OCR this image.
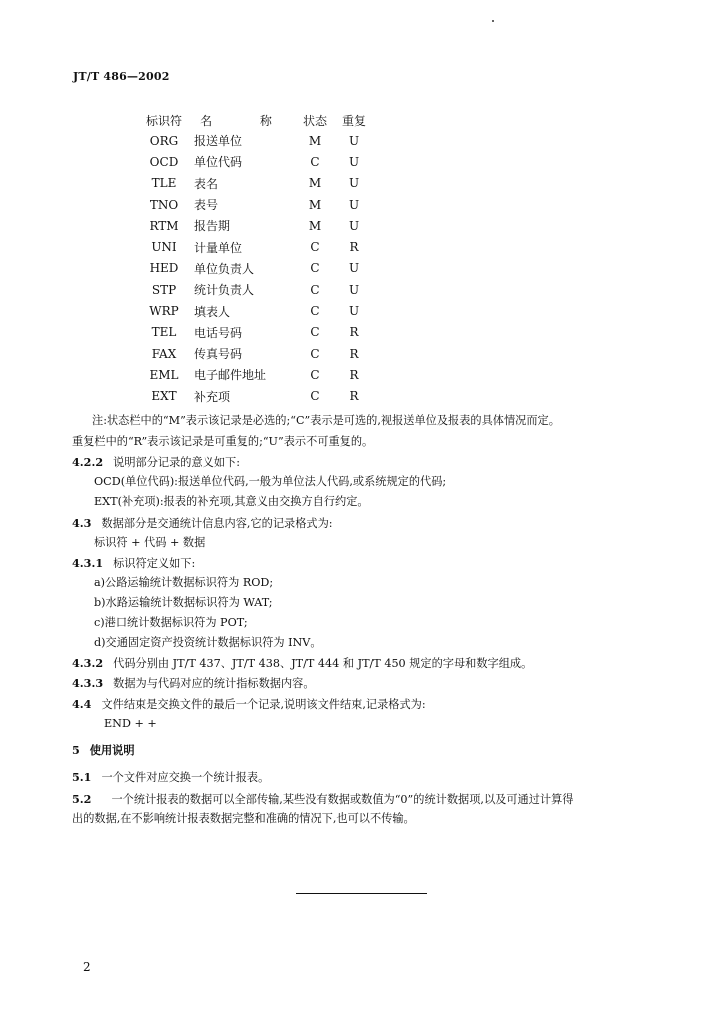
JT/T 486—2002
标识符	名 称	状态	重复
ORG	报送单位	M	U
OCD	单位代码	C	U
TLE	表名	M	U
TNO	表号	M	U
RTM	报告期	M	U
UNI	计量单位	C	R
HED	单位负责人	C	U
STP	统计负责人	C	U
WRP	填表人	C	U
TEL	电话号码	C	R
FAX	传真号码	C	R
EML	电子邮件地址	C	R
EXT	补充项	C	R
注:状态栏中的“M”表示该记录是必选的;“C”表示是可选的,视报送单位及报表的具体情况而定。
重复栏中的“R”表示该记录是可重复的;“U”表示不可重复的。
4.2.2 说明部分记录的意义如下:
OCD(单位代码):报送单位代码,一般为单位法人代码,或系统规定的代码;
EXT(补充项):报表的补充项,其意义由交换方自行约定。
4.3 数据部分是交通统计信息内容,它的记录格式为:
标识符 + 代码 + 数据
4.3.1 标识符定义如下:
a)公路运输统计数据标识符为 ROD;
b)水路运输统计数据标识符为 WAT;
c)港口统计数据标识符为 POT;
d)交通固定资产投资统计数据标识符为 INV。
4.3.2 代码分别由 JT/T 437、JT/T 438、JT/T 444 和 JT/T 450 规定的字母和数字组成。
4.3.3 数据为与代码对应的统计指标数据内容。
4.4 文件结束是交换文件的最后一个记录,说明该文件结束,记录格式为:
END + +
5 使用说明
5.1 一个文件对应交换一个统计报表。
5.2 一个统计报表的数据可以全部传输,某些没有数据或数值为“0”的统计数据项,以及可通过计算得
出的数据,在不影响统计报表数据完整和准确的情况下,也可以不传输。
2
